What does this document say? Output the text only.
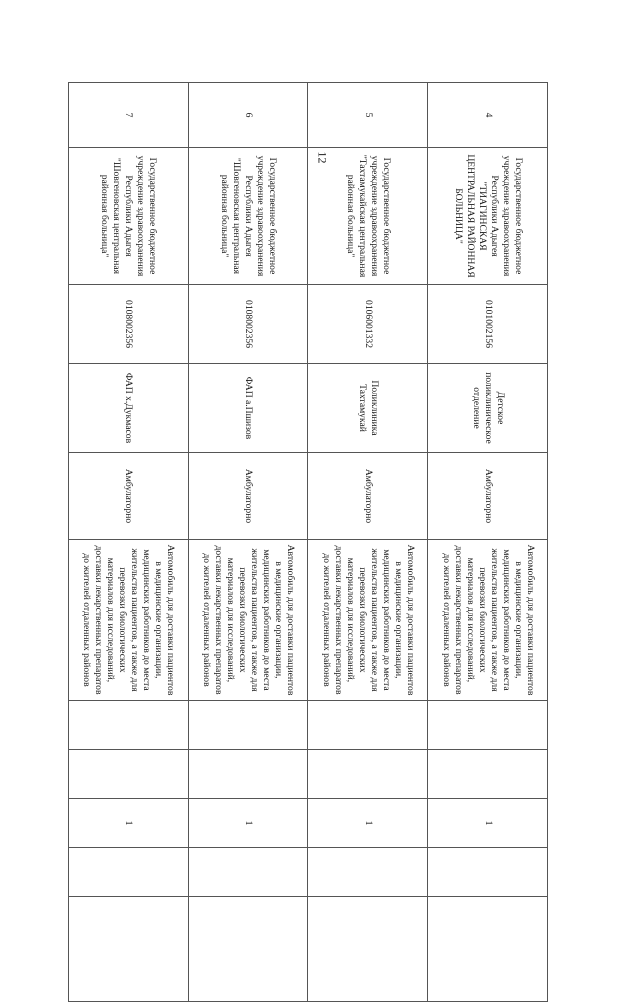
12
4	Государственное бюджетное учреждение здравоохранения Республики Адыгея "ТИАГИНСКАЯ ЦЕНТРАЛЬНАЯ РАЙОННАЯ БОЛЬНИЦА"	0101002156	Детское поликлиническое отделение	Амбулаторно	Автомобиль для доставки пациентов в медицинские организации, медицинских работников до места жительства пациентов, а также для перевозки биологических материалов для исследований, доставки лекарственных препаратов до жителей отдаленных районов			1		
5	Государственное бюджетное учреждение здравоохранения "Тахтамукайская центральная районная больница"	0106001332	Поликлиника Тахтамукай	Амбулаторно	Автомобиль для доставки пациентов в медицинские организации, медицинских работников до места жительства пациентов, а также для перевозки биологических материалов для исследований, доставки лекарственных препаратов до жителей отдаленных районов			1		
6	Государственное бюджетное учреждение здравоохранения Республики Адыгея "Шовгеновская центральная районная больница"	0108002356	ФАП а.Пшизов	Амбулаторно	Автомобиль для доставки пациентов в медицинские организации, медицинских работников до места жительства пациентов, а также для перевозки биологических материалов для исследований, доставки лекарственных препаратов до жителей отдаленных районов			1		
7	Государственное бюджетное учреждение здравоохранения Республики Адыгея "Шовгеновская центральная районная больница"	0108002356	ФАП х.Дукмасов	Амбулаторно	Автомобиль для доставки пациентов в медицинские организации, медицинских работников до места жительства пациентов, а также для перевозки биологических материалов для исследований, доставки лекарственных препаратов до жителей отдаленных районов			1		
